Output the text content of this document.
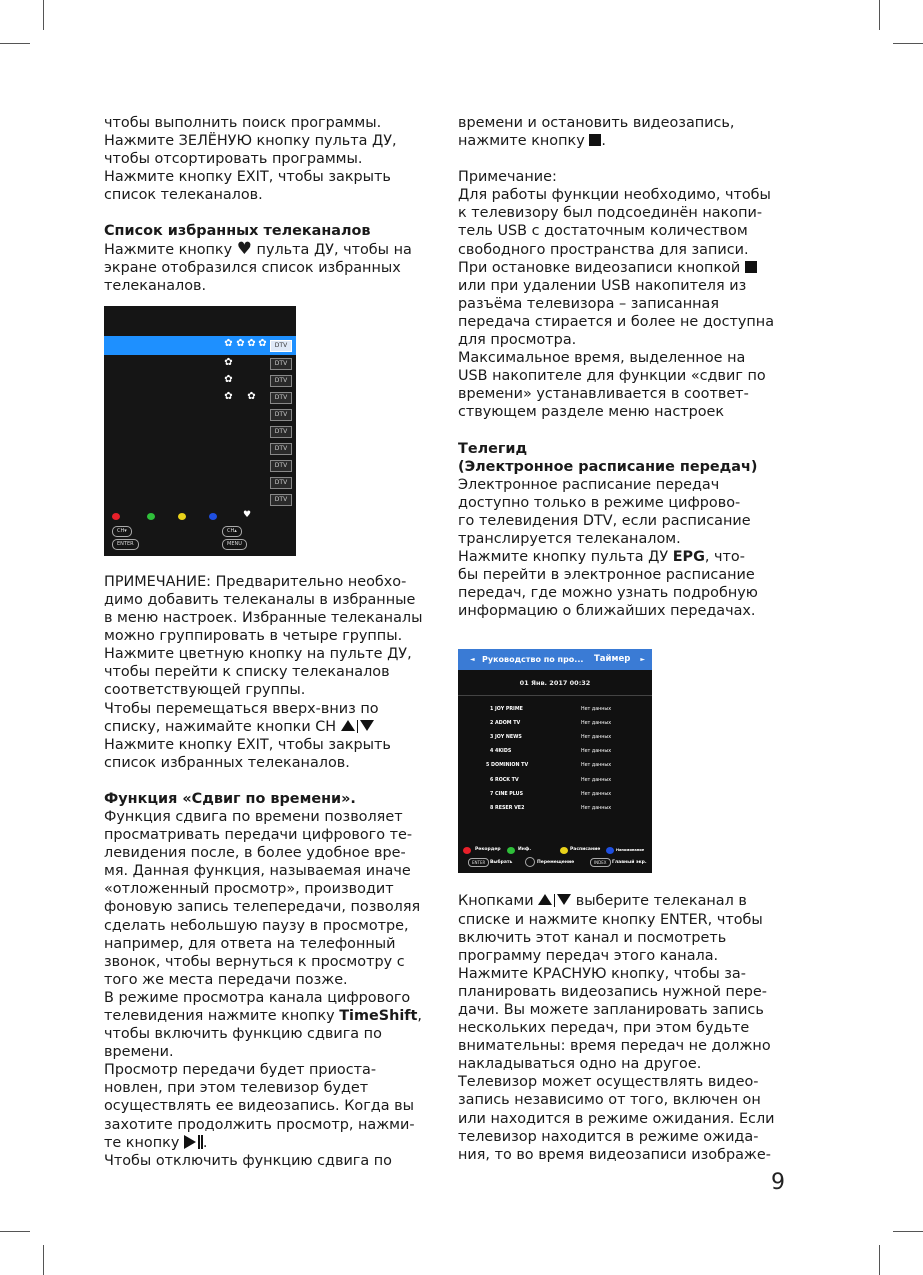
чтобы выполнить поиск программы.

Нажмите ЗЕЛЁНУЮ кнопку пульта ДУ,

чтобы отсортировать программы.

Нажмите кнопку EXIT, чтобы закрыть

список телеканалов.

Список избранных телеканалов

Нажмите кнопку ♥ пульта ДУ, чтобы на

экране отобразился список избранных

телеканалов.

ПРИМЕЧАНИЕ: Предварительно необхо-

димо добавить телеканалы в избранные

в меню настроек. Избранные телеканалы

можно группировать в четыре группы.

Нажмите цветную кнопку на пульте ДУ,

чтобы перейти к списку телеканалов

соответствующей группы.

Чтобы перемещаться вверх-вниз по

списку, нажимайте кнопки CH

Нажмите кнопку EXIT, чтобы закрыть

список избранных телеканалов.

Функция «Сдвиг по времени».

Функция сдвига по времени позволяет

просматривать передачи цифрового те-

левидения после, в более удобное вре-

мя. Данная функция, называемая иначе

«отложенный просмотр», производит

фоновую запись телепередачи, позволяя

сделать небольшую паузу в просмотре,

например, для ответа на телефонный

звонок, чтобы вернуться к просмотру с

того же места передачи позже.

В режиме просмотра канала цифрового

телевидения нажмите кнопку TimeShift,

чтобы включить функцию сдвига по

времени.

Просмотр передачи будет приоста-

новлен, при этом телевизор будет

осуществлять ее видеозапись. Когда вы

захотите продолжить просмотр, нажми-

те кнопку .

Чтобы отключить функцию сдвига по

✿ ✿ ✿ ✿	DTV
✿	DTV
✿	DTV
✿ ✿	DTV
DTV
DTV
DTV
DTV
DTV
DTV
♥
CH▾	CH▴
ENTER	MENU

времени и остановить видеозапись,

нажмите кнопку .

Примечание:

Для работы функции необходимо, чтобы

к телевизору был подсоединён накопи-

тель USB с достаточным количеством

свободного пространства для записи.

При остановке видеозаписи кнопкой

или при удалении USB накопителя из

разъёма телевизора – записанная

передача стирается и более не доступна

для просмотра.

Максимальное время, выделенное на

USB накопителе для функции «сдвиг по

времени» устанавливается в соответ-

ствующем разделе меню настроек

Телегид

(Электронное расписание передач)

Электронное расписание передач

доступно только в режиме цифрово-

го телевидения DTV, если расписание

транслируется телеканалом.

Нажмите кнопку пульта ДУ EPG, что-

бы перейти в электронное расписание

передач, где можно узнать подробную

информацию о ближайших передачах.

Кнопками  выберите телеканал в

списке и нажмите кнопку ENTER, чтобы

включить этот канал и посмотреть

программу передач этого канала.

Нажмите КРАСНУЮ кнопку, чтобы за-

планировать видеозапись нужной пере-

дачи. Вы можете запланировать запись

нескольких передач, при этом будьте

внимательны: время передач не должно

накладываться одно на другое.

Телевизор может осуществлять видео-

запись независимо от того, включен он

или находится в режиме ожидания. Если

телевизор находится в режиме ожида-

ния, то во время видеозаписи изображе-

◄ Руководство по про... Таймер ►
01 Янв. 2017 00:32
1 JOY PRIME	Нет данных
2 ADOM TV	Нет данных
3 JOY NEWS	Нет данных
4 4KIDS	Нет данных
5 DOMINION TV	Нет данных
6 ROCK TV	Нет данных
7 CINE PLUS	Нет данных
8 RESER VE2	Нет данных
Рекордер	Инф.	Расписание	Напоминание
ENTER	Выбрать	Перемещение	INDEX	Главный экр.
9
